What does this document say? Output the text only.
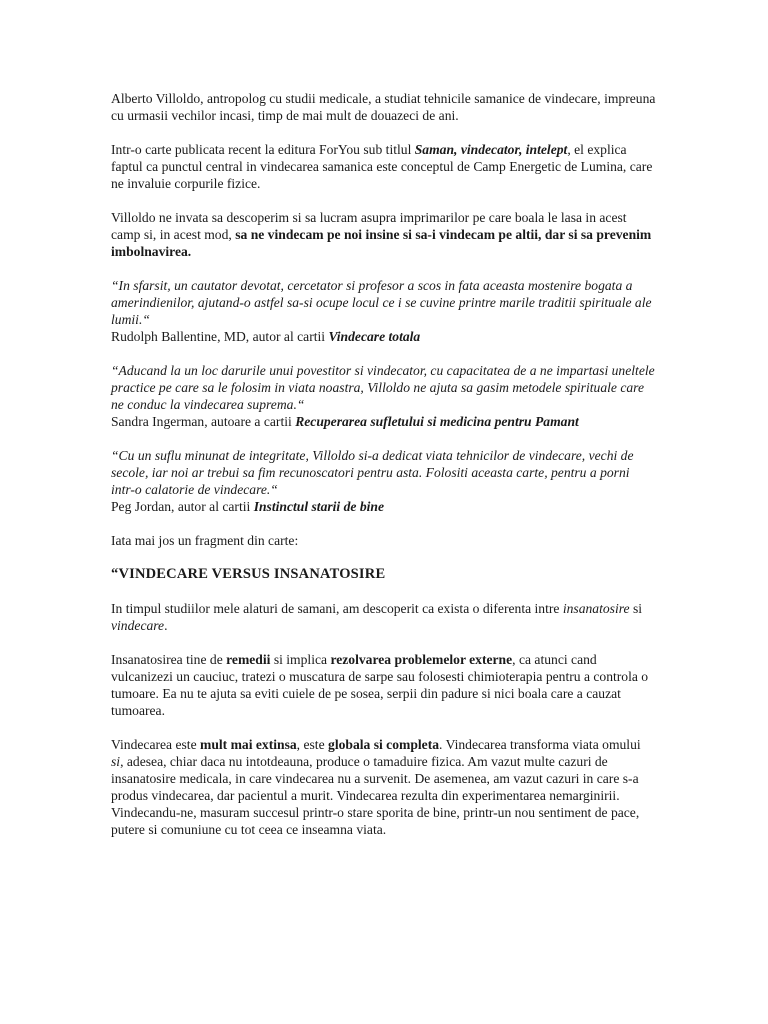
Alberto Villoldo, antropolog cu studii medicale, a studiat tehnicile samanice de vindecare, impreuna cu urmasii vechilor incasi, timp de mai mult de douazeci de ani.

Intr-o carte publicata recent la editura ForYou sub titlul Saman, vindecator, intelept, el explica faptul ca punctul central in vindecarea samanica este conceptul de Camp Energetic de Lumina, care ne invaluie corpurile fizice.

Villoldo ne invata sa descoperim si sa lucram asupra imprimarilor pe care boala le lasa in acest camp si, in acest mod, sa ne vindecam pe noi insine si sa-i vindecam pe altii, dar si sa prevenim imbolnavirea.

“In sfarsit, un cautator devotat, cercetator si profesor a scos in fata aceasta mostenire bogata a amerindienilor, ajutand-o astfel sa-si ocupe locul ce i se cuvine printre marile traditii spirituale ale lumii.“

Rudolph Ballentine, MD, autor al cartii Vindecare totala

“Aducand la un loc darurile unui povestitor si vindecator, cu capacitatea de a ne impartasi uneltele practice pe care sa le folosim in viata noastra, Villoldo ne ajuta sa gasim metodele spirituale care ne conduc la vindecarea suprema.“

Sandra Ingerman, autoare a cartii Recuperarea sufletului si medicina pentru Pamant

“Cu un suflu minunat de integritate, Villoldo si-a dedicat viata tehnicilor de vindecare, vechi de secole, iar noi ar trebui sa fim recunoscatori pentru asta. Folositi aceasta carte, pentru a porni intr-o calatorie de vindecare.“

Peg Jordan, autor al cartii Instinctul starii de bine

Iata mai jos un fragment din carte:

“VINDECARE VERSUS INSANATOSIRE

In timpul studiilor mele alaturi de samani, am descoperit ca exista o diferenta intre insanatosire si vindecare.

Insanatosirea tine de remedii si implica rezolvarea problemelor externe, ca atunci cand vulcanizezi un cauciuc, tratezi o muscatura de sarpe sau folosesti chimioterapia pentru a controla o tumoare. Ea nu te ajuta sa eviti cuiele de pe sosea, serpii din padure si nici boala care a cauzat tumoarea.

Vindecarea este mult mai extinsa, este globala si completa. Vindecarea transforma viata omului si, adesea, chiar daca nu intotdeauna, produce o tamaduire fizica. Am vazut multe cazuri de insanatosire medicala, in care vindecarea nu a survenit. De asemenea, am vazut cazuri in care s-a produs vindecarea, dar pacientul a murit. Vindecarea rezulta din experimentarea nemarginirii. Vindecandu-ne, masuram succesul printr-o stare sporita de bine, printr-un nou sentiment de pace, putere si comuniune cu tot ceea ce inseamna viata.
